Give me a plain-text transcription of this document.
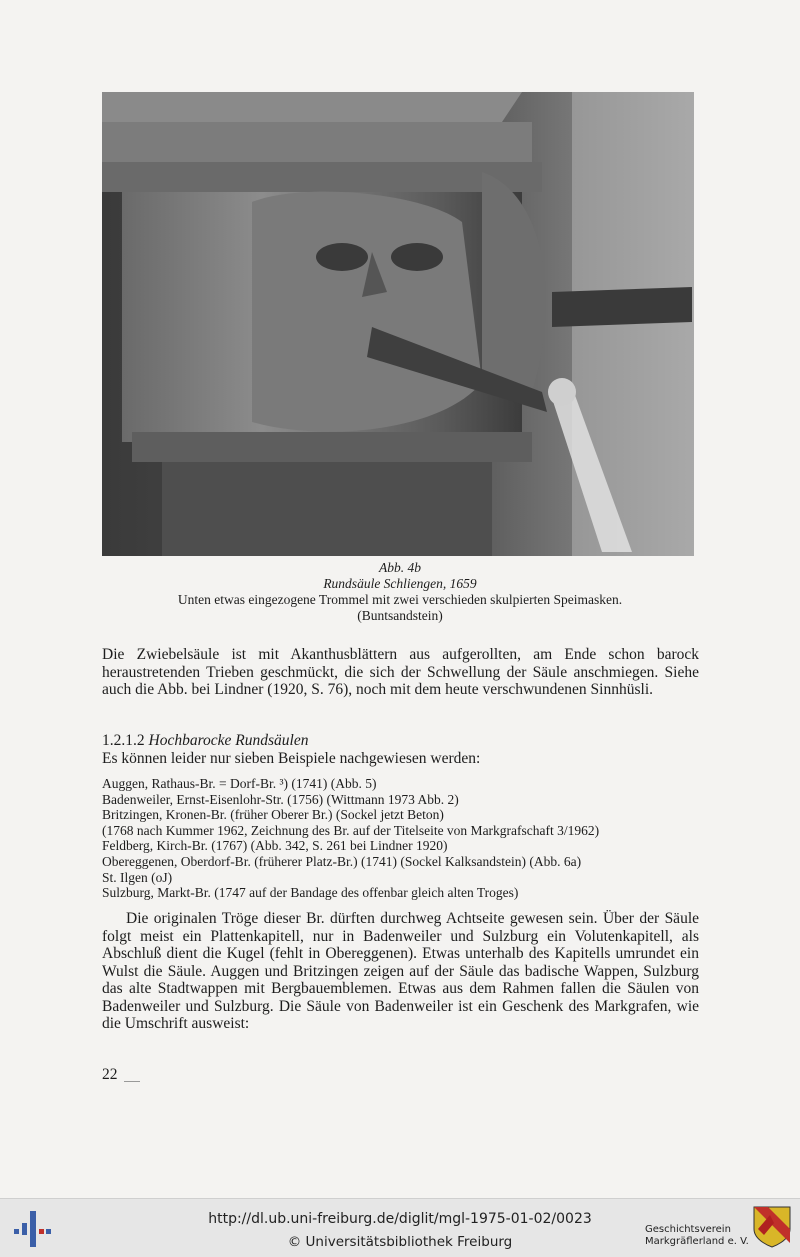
Abb. 4b
Rundsäule Schliengen, 1659
Unten etwas eingezogene Trommel mit zwei verschieden skulpierten Speimasken.
(Buntsandstein)
Die Zwiebelsäule ist mit Akanthusblättern aus aufgerollten, am Ende schon barock heraustretenden Trieben geschmückt, die sich der Schwellung der Säule anschmiegen. Siehe auch die Abb. bei Lindner (1920, S. 76), noch mit dem heute verschwundenen Sinnhüsli.
1.2.1.2 Hochbarocke Rundsäulen
Es können leider nur sieben Beispiele nachgewiesen werden:
Auggen, Rathaus-Br. = Dorf-Br. ³) (1741) (Abb. 5)
Badenweiler, Ernst-Eisenlohr-Str. (1756) (Wittmann 1973 Abb. 2)
Britzingen, Kronen-Br. (früher Oberer Br.) (Sockel jetzt Beton)
(1768 nach Kummer 1962, Zeichnung des Br. auf der Titelseite von Markgrafschaft 3/1962)
Feldberg, Kirch-Br. (1767) (Abb. 342, S. 261 bei Lindner 1920)
Obereggenen, Oberdorf-Br. (früherer Platz-Br.) (1741) (Sockel Kalksandstein) (Abb. 6a)
St. Ilgen (oJ)
Sulzburg, Markt-Br. (1747 auf der Bandage des offenbar gleich alten Troges)
Die originalen Tröge dieser Br. dürften durchweg Achtseite gewesen sein. Über der Säule folgt meist ein Plattenkapitell, nur in Badenweiler und Sulzburg ein Volutenkapitell, als Abschluß dient die Kugel (fehlt in Obereggenen). Etwas unterhalb des Kapitells umrundet ein Wulst die Säule. Auggen und Britzingen zeigen auf der Säule das badische Wappen, Sulzburg das alte Stadtwappen mit Bergbauemblemen. Etwas aus dem Rahmen fallen die Säulen von Badenweiler und Sulzburg. Die Säule von Badenweiler ist ein Geschenk des Markgrafen, wie die Umschrift ausweist:
22
http://dl.ub.uni-freiburg.de/diglit/mgl-1975-01-02/0023
© Universitätsbibliothek Freiburg
Geschichtsverein
Markgräflerland e. V.
